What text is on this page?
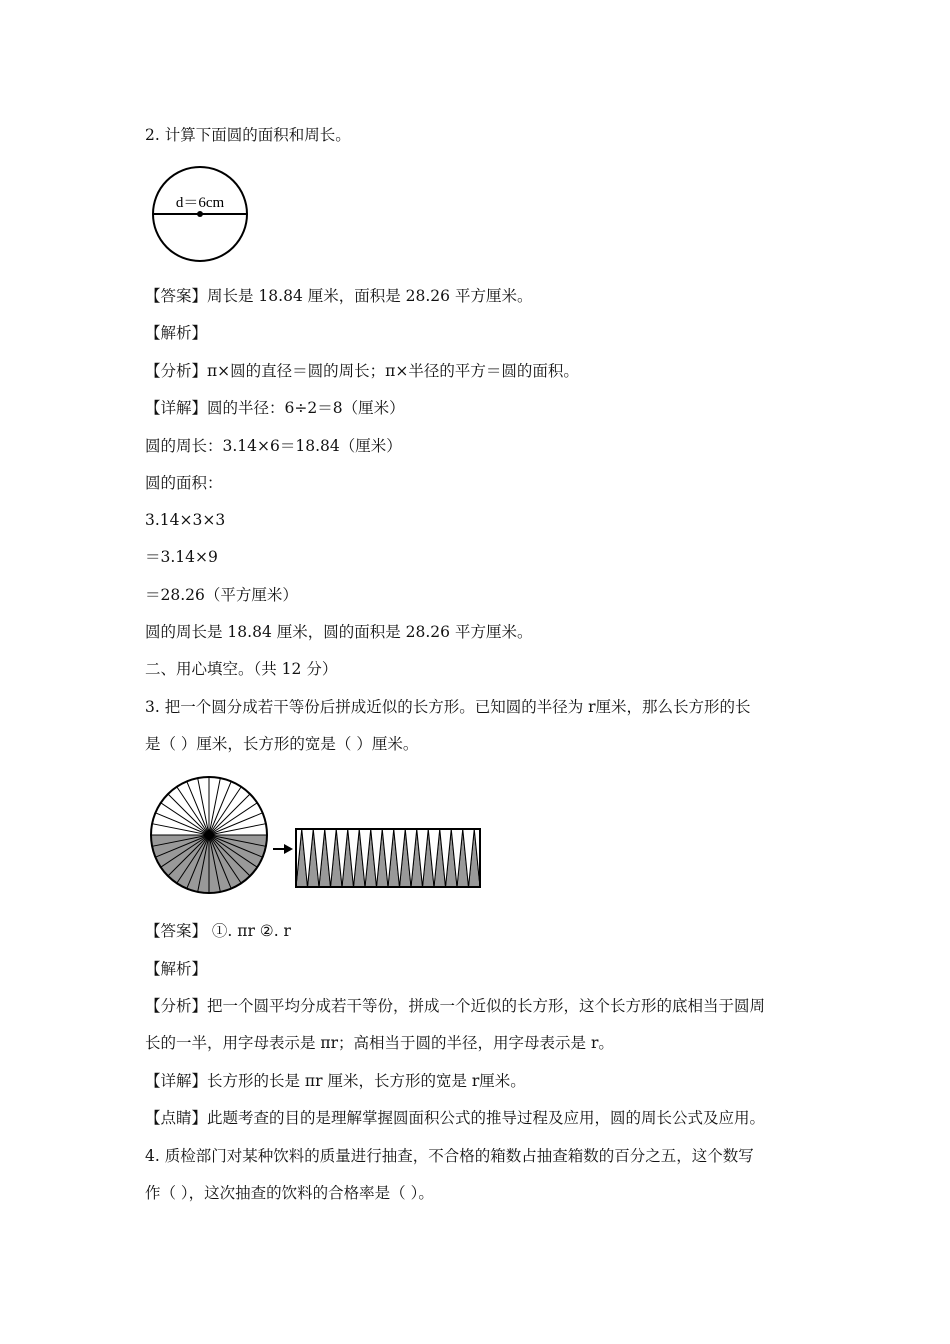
2. 计算下面圆的面积和周长。
d＝6cm
【答案】周长是 18.84 厘米，面积是 28.26 平方厘米。
【解析】
【分析】π×圆的直径＝圆的周长；π×半径的平方＝圆的面积。
【详解】圆的半径：6÷2＝8（厘米）
圆的周长：3.14×6＝18.84（厘米）
圆的面积：
3.14×3×3
＝3.14×9
＝28.26（平方厘米）
圆的周长是 18.84 厘米，圆的面积是 28.26 平方厘米。
二、用心填空。（共 12 分）
3. 把一个圆分成若干等份后拼成近似的长方形。已知圆的半径为 r厘米，那么长方形的长
是（ ）厘米，长方形的宽是（ ）厘米。
【答案】 ①. πr ②. r
【解析】
【分析】把一个圆平均分成若干等份，拼成一个近似的长方形，这个长方形的底相当于圆周
长的一半，用字母表示是 πr；高相当于圆的半径，用字母表示是 r。
【详解】长方形的长是 πr 厘米，长方形的宽是 r厘米。
【点睛】此题考查的目的是理解掌握圆面积公式的推导过程及应用，圆的周长公式及应用。
4. 质检部门对某种饮料的质量进行抽查，不合格的箱数占抽查箱数的百分之五，这个数写
作（ ），这次抽查的饮料的合格率是（ ）。
